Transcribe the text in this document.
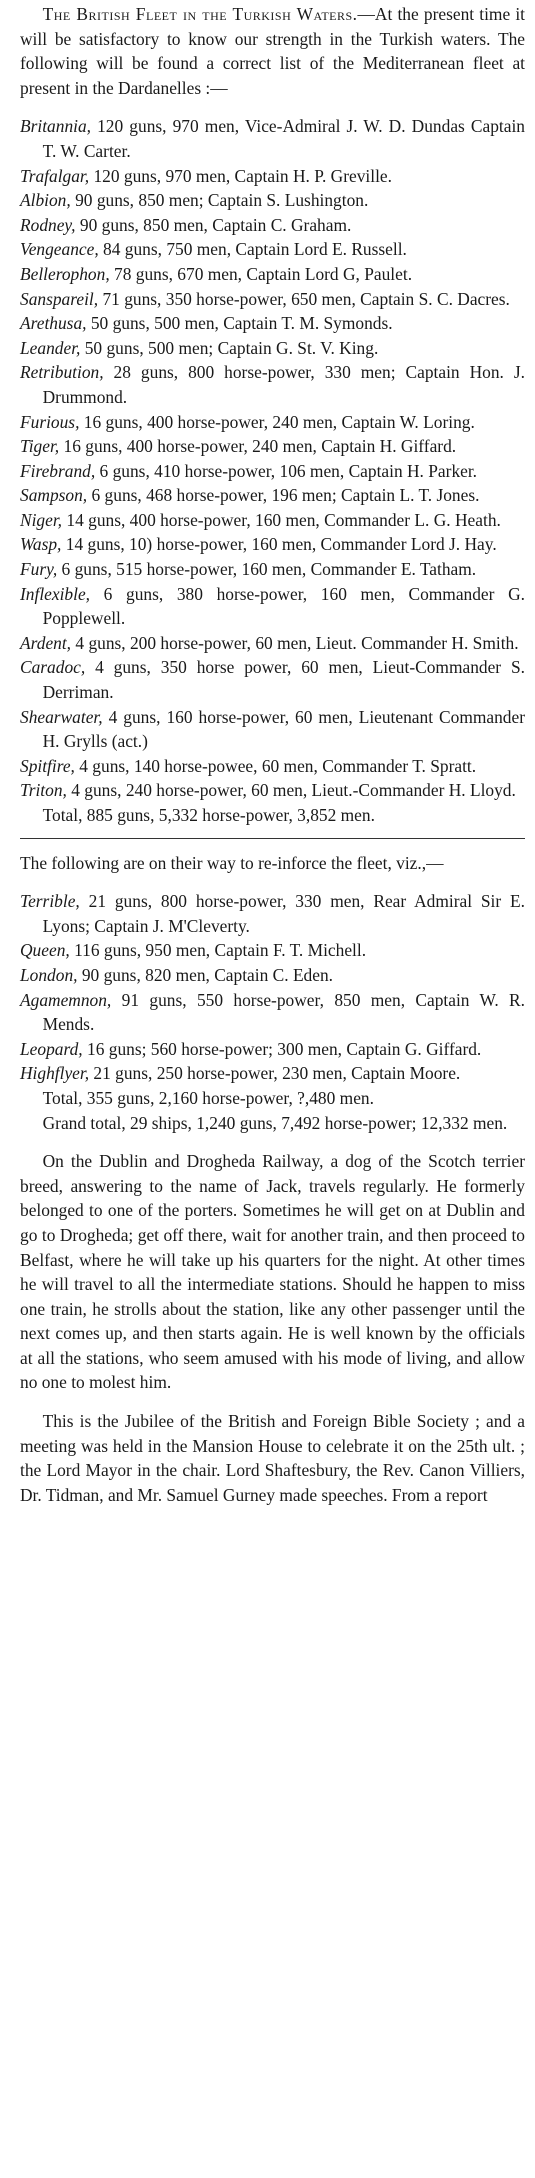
The British Fleet in the Turkish Waters.—At the present time it will be satisfactory to know our strength in the Turkish waters. The following will be found a correct list of the Mediterranean fleet at present in the Dardanelles :—

Britannia, 120 guns, 970 men, Vice-Admiral J. W. D. Dundas Captain T. W. Carter.

Trafalgar, 120 guns, 970 men, Captain H. P. Greville.

Albion, 90 guns, 850 men; Captain S. Lushington.

Rodney, 90 guns, 850 men, Captain C. Graham.

Vengeance, 84 guns, 750 men, Captain Lord E. Russell.

Bellerophon, 78 guns, 670 men, Captain Lord G, Paulet.

Sanspareil, 71 guns, 350 horse-power, 650 men, Captain S. C. Dacres.

Arethusa, 50 guns, 500 men, Captain T. M. Symonds.

Leander, 50 guns, 500 men; Captain G. St. V. King.

Retribution, 28 guns, 800 horse-power, 330 men; Captain Hon. J. Drummond.

Furious, 16 guns, 400 horse-power, 240 men, Captain W. Loring.

Tiger, 16 guns, 400 horse-power, 240 men, Captain H. Giffard.

Firebrand, 6 guns, 410 horse-power, 106 men, Captain H. Parker.

Sampson, 6 guns, 468 horse-power, 196 men; Captain L. T. Jones.

Niger, 14 guns, 400 horse-power, 160 men, Commander L. G. Heath.

Wasp, 14 guns, 10) horse-power, 160 men, Commander Lord J. Hay.

Fury, 6 guns, 515 horse-power, 160 men, Commander E. Tatham.

Inflexible, 6 guns, 380 horse-power, 160 men, Commander G. Popplewell.

Ardent, 4 guns, 200 horse-power, 60 men, Lieut. Commander H. Smith.

Caradoc, 4 guns, 350 horse power, 60 men, Lieut-Commander S. Derriman.

Shearwater, 4 guns, 160 horse-power, 60 men, Lieutenant Commander H. Grylls (act.)

Spitfire, 4 guns, 140 horse-powee, 60 men, Commander T. Spratt.

Triton, 4 guns, 240 horse-power, 60 men, Lieut.-Commander H. Lloyd.

Total, 885 guns, 5,332 horse-power, 3,852 men.

The following are on their way to re-inforce the fleet, viz.,—

Terrible, 21 guns, 800 horse-power, 330 men, Rear Admiral Sir E. Lyons; Captain J. M'Cleverty.

Queen, 116 guns, 950 men, Captain F. T. Michell.

London, 90 guns, 820 men, Captain C. Eden.

Agamemnon, 91 guns, 550 horse-power, 850 men, Captain W. R. Mends.

Leopard, 16 guns; 560 horse-power; 300 men, Captain G. Giffard.

Highflyer, 21 guns, 250 horse-power, 230 men, Captain Moore.

Total, 355 guns, 2,160 horse-power, ?,480 men.

Grand total, 29 ships, 1,240 guns, 7,492 horse-power; 12,332 men.

On the Dublin and Drogheda Railway, a dog of the Scotch terrier breed, answering to the name of Jack, travels regularly. He formerly belonged to one of the porters. Sometimes he will get on at Dublin and go to Drogheda; get off there, wait for another train, and then proceed to Belfast, where he will take up his quarters for the night. At other times he will travel to all the intermediate stations. Should he happen to miss one train, he strolls about the station, like any other passenger until the next comes up, and then starts again. He is well known by the officials at all the stations, who seem amused with his mode of living, and allow no one to molest him.

This is the Jubilee of the British and Foreign Bible Society ; and a meeting was held in the Mansion House to celebrate it on the 25th ult. ; the Lord Mayor in the chair. Lord Shaftesbury, the Rev. Canon Villiers, Dr. Tidman, and Mr. Samuel Gurney made speeches. From a report
